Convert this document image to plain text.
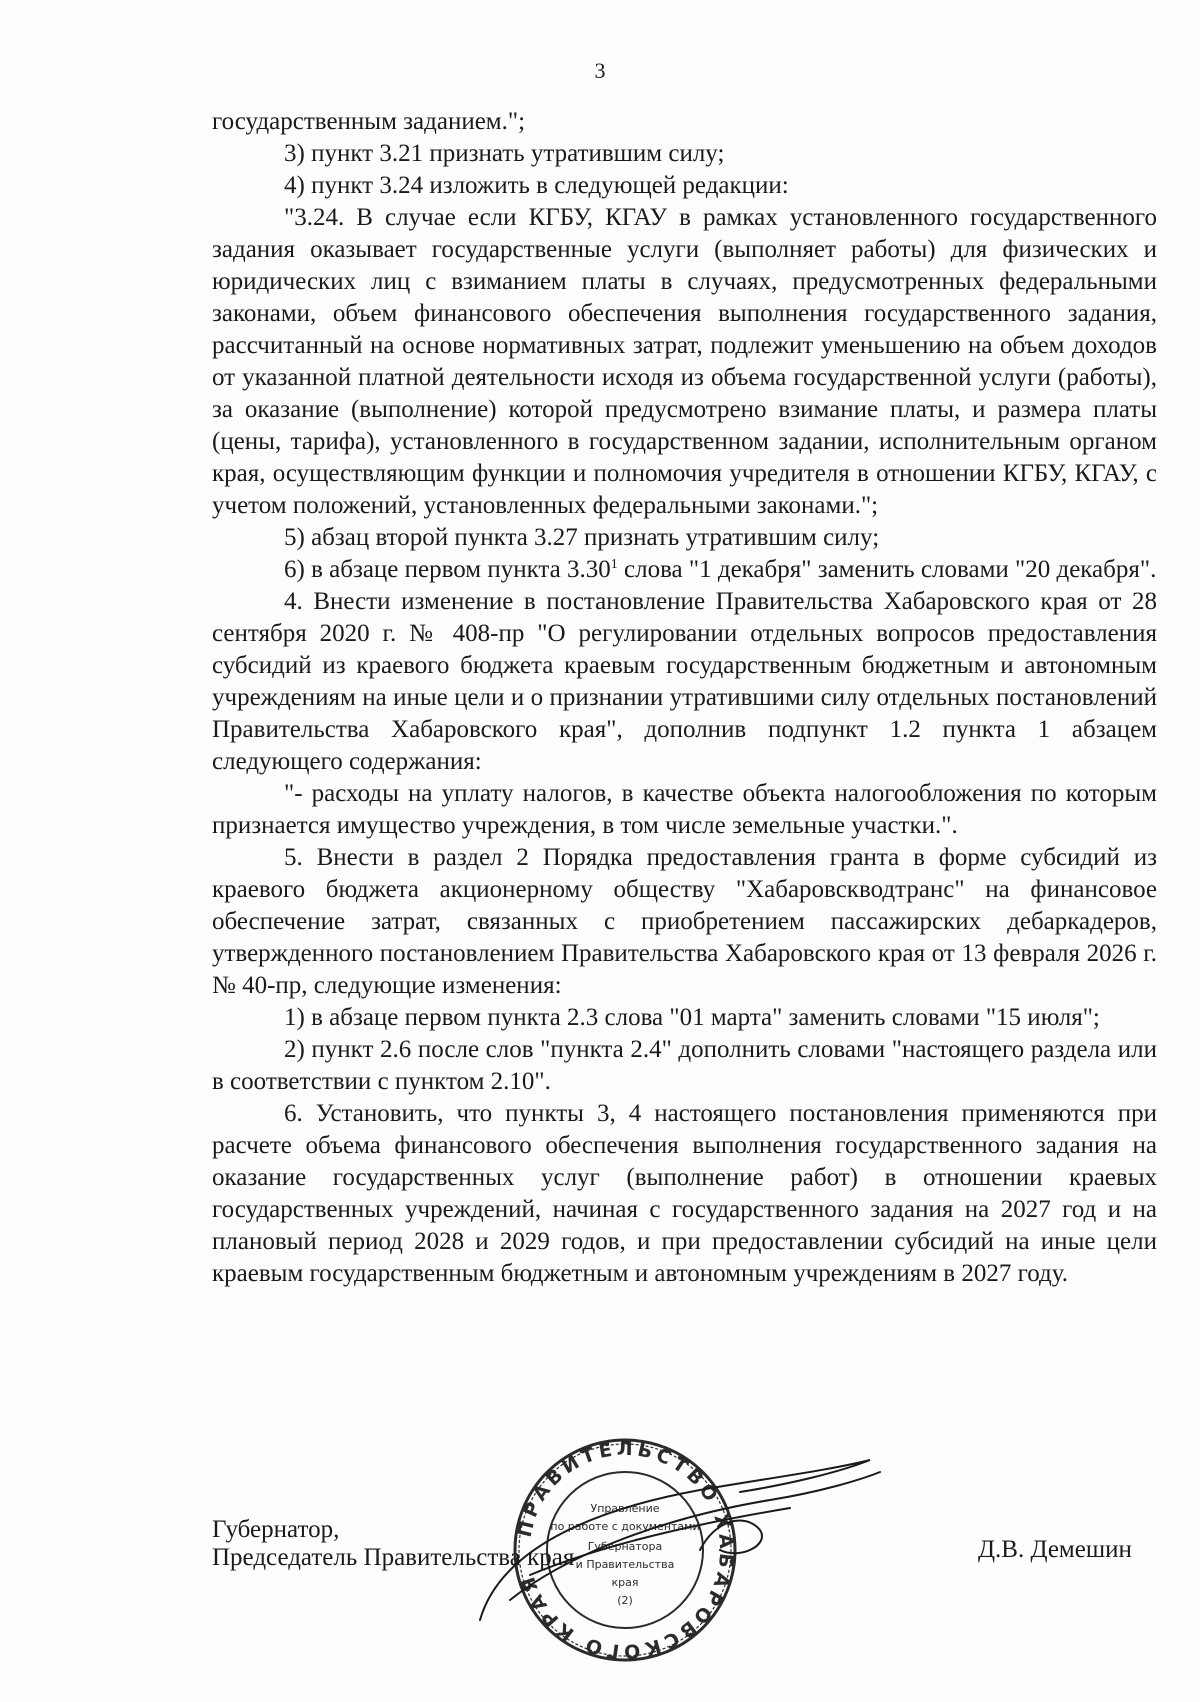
3

государственным заданием.";

3) пункт 3.21 признать утратившим силу;

4) пункт 3.24 изложить в следующей редакции:

"3.24. В случае если КГБУ, КГАУ в рамках установленного государственного задания оказывает государственные услуги (выполняет работы) для физических и юридических лиц с взиманием платы в случаях, предусмотренных федеральными законами, объем финансового обеспечения выполнения государственного задания, рассчитанный на основе нормативных затрат, подлежит уменьшению на объем доходов от указанной платной деятельности исходя из объема государственной услуги (работы), за оказание (выполнение) которой предусмотрено взимание платы, и размера платы (цены, тарифа), установленного в государственном задании, исполнительным органом края, осуществляющим функции и полномочия учредителя в отношении КГБУ, КГАУ, с учетом положений, установленных федеральными законами.";

5) абзац второй пункта 3.27 признать утратившим силу;

6) в абзаце первом пункта 3.30$^1$ слова "1 декабря" заменить словами "20 декабря".

4. Внести изменение в постановление Правительства Хабаровского края от 28 сентября 2020 г. № 408-пр "О регулировании отдельных вопросов предоставления субсидий из краевого бюджета краевым государственным бюджетным и автономным учреждениям на иные цели и о признании утратившими силу отдельных постановлений Правительства Хабаровского края", дополнив подпункт 1.2 пункта 1 абзацем следующего содержания:

"- расходы на уплату налогов, в качестве объекта налогообложения по которым признается имущество учреждения, в том числе земельные участки.".

5. Внести в раздел 2 Порядка предоставления гранта в форме субсидий из краевого бюджета акционерному обществу "Хабаровскводтранс" на финансовое обеспечение затрат, связанных с приобретением пассажирских дебаркадеров, утвержденного постановлением Правительства Хабаровского края от 13 февраля 2026 г. № 40-пр, следующие изменения:

1) в абзаце первом пункта 2.3 слова "01 марта" заменить словами "15 июля";

2) пункт 2.6 после слов "пункта 2.4" дополнить словами "настоящего раздела или в соответствии с пунктом 2.10".

6. Установить, что пункты 3, 4 настоящего постановления применяются при расчете объема финансового обеспечения выполнения государственного задания на оказание государственных услуг (выполнение работ) в отношении краевых государственных учреждений, начиная с государственного задания на 2027 год и на плановый период 2028 и 2029 годов, и при предоставлении субсидий на иные цели краевым государственным бюджетным и автономным учреждениям в 2027 году.

ПРАВИТЕЛЬСТВО ХАБАРОВСКОГО КРАЯ
Управление
по работе с документами
Губернатора
и Правительства
края
(2)
Губернатор,
Председатель Правительства края	Д.В. Демешин
